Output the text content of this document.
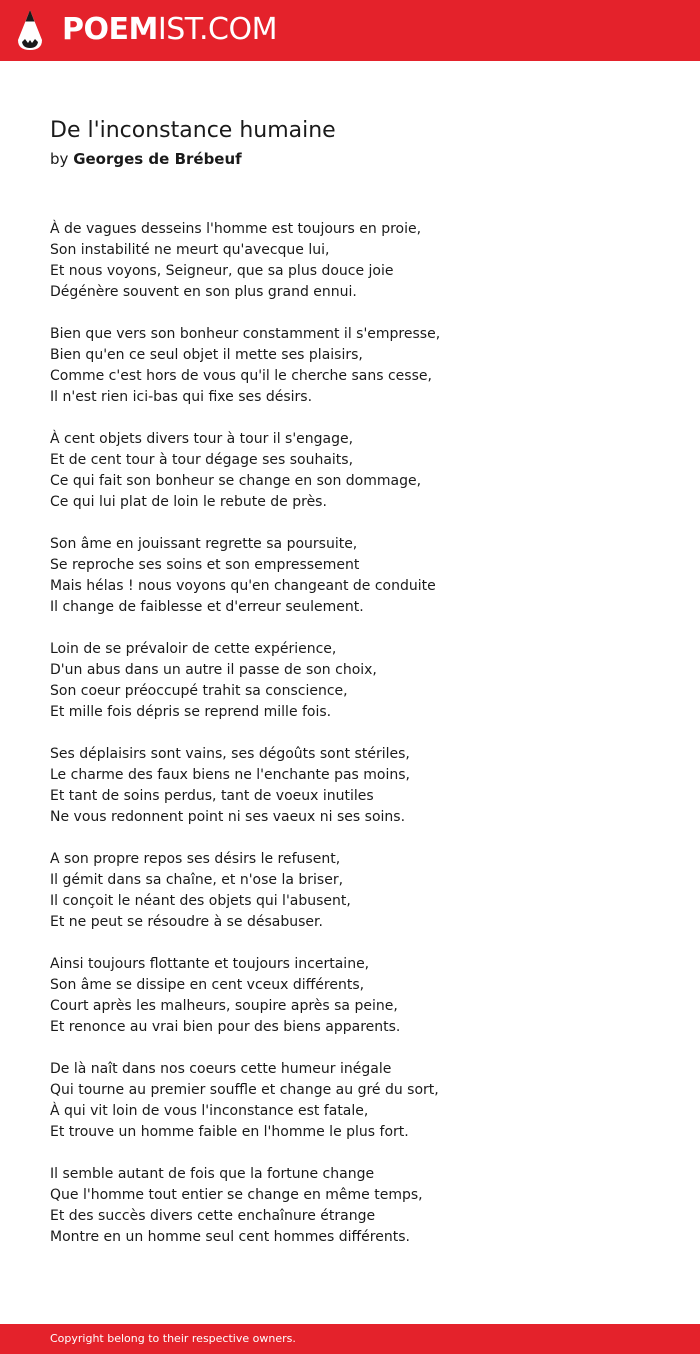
POEMIST.COM
De l'inconstance humaine
by Georges de Brébeuf
À de vagues desseins l'homme est toujours en proie,
Son instabilité ne meurt qu'avecque lui,
Et nous voyons, Seigneur, que sa plus douce joie
Dégénère souvent en son plus grand ennui.
Bien que vers son bonheur constamment il s'empresse,
Bien qu'en ce seul objet il mette ses plaisirs,
Comme c'est hors de vous qu'il le cherche sans cesse,
Il n'est rien ici-bas qui fixe ses désirs.
À cent objets divers tour à tour il s'engage,
Et de cent tour à tour dégage ses souhaits,
Ce qui fait son bonheur se change en son dommage,
Ce qui lui plat de loin le rebute de près.
Son âme en jouissant regrette sa poursuite,
Se reproche ses soins et son empressement
Mais hélas ! nous voyons qu'en changeant de conduite
Il change de faiblesse et d'erreur seulement.
Loin de se prévaloir de cette expérience,
D'un abus dans un autre il passe de son choix,
Son coeur préoccupé trahit sa conscience,
Et mille fois dépris se reprend mille fois.
Ses déplaisirs sont vains, ses dégoûts sont stériles,
Le charme des faux biens ne l'enchante pas moins,
Et tant de soins perdus, tant de voeux inutiles
Ne vous redonnent point ni ses vaeux ni ses soins.
A son propre repos ses désirs le refusent,
Il gémit dans sa chaîne, et n'ose la briser,
Il conçoit le néant des objets qui l'abusent,
Et ne peut se résoudre à se désabuser.
Ainsi toujours flottante et toujours incertaine,
Son âme se dissipe en cent vceux différents,
Court après les malheurs, soupire après sa peine,
Et renonce au vrai bien pour des biens apparents.
De là naît dans nos coeurs cette humeur inégale
Qui tourne au premier souffle et change au gré du sort,
À qui vit loin de vous l'inconstance est fatale,
Et trouve un homme faible en l'homme le plus fort.
Il semble autant de fois que la fortune change
Que l'homme tout entier se change en même temps,
Et des succès divers cette enchaînure étrange
Montre en un homme seul cent hommes différents.
Copyright belong to their respective owners.
